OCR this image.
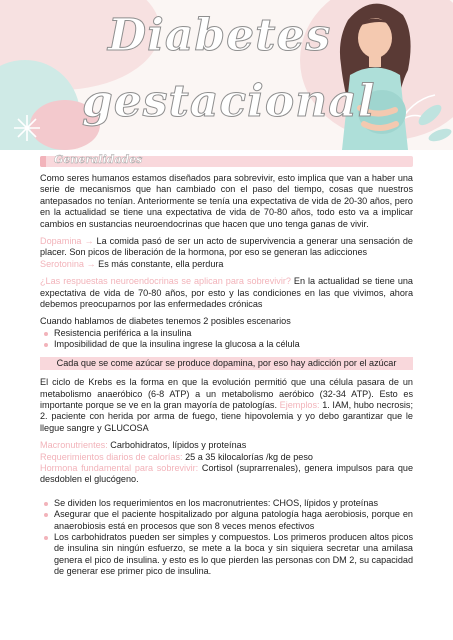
Diabetes
gestacional
Generalidades

Como seres humanos estamos diseñados para sobrevivir, esto implica que van a haber una serie de mecanismos que han cambiado con el paso del tiempo, cosas que nuestros antepasados no tenían. Anteriormente se tenía una expectativa de vida de 20-30 años, pero en la actualidad se tiene una expectativa de vida de 70-80 años, todo esto va a implicar cambios en sustancias neuroendocrinas que hacen que uno tenga ganas de vivir.

Dopamina → La comida pasó de ser un acto de supervivencia a generar una sensación de placer. Son picos de liberación de la hormona, por eso se generan las adicciones
Serotonina → Es más constante, ella perdura

¿Las respuestas neuroendocrinas se aplican para sobrevivir? En la actualidad se tiene una expectativa de vida de 70-80 años, por esto y las condiciones en las que vivimos, ahora debemos preocuparnos por las enfermedades crónicas

Cuando hablamos de diabetes tenemos 2 posibles escenarios
Resistencia periférica a la insulina
Imposibilidad de que la insulina ingrese la glucosa a la célula
Cada que se come azúcar se produce dopamina, por eso hay adicción por el azúcar

El ciclo de Krebs es la forma en que la evolución permitió que una célula pasara de un metabolismo anaeróbico (6-8 ATP) a un metabolismo aeróbico (32-34 ATP). Esto es importante porque se ve en la gran mayoría de patologías. Ejemplos: 1. IAM, hubo necrosis; 2. paciente con herida por arma de fuego, tiene hipovolemia y yo debo garantizar que le llegue sangre y GLUCOSA

Macronutrientes: Carbohidratos, lípidos y proteínas
Requerimientos diarios de calorías: 25 a 35 kilocalorías /kg de peso
Hormona fundamental para sobrevivir: Cortisol (suprarrenales), genera impulsos para que desdoblen el glucógeno.

Se dividen los requerimientos en los macronutrientes: CHOS, lípidos y proteínas
Asegurar que el paciente hospitalizado por alguna patología haga aerobiosis, porque en anaerobiosis está en procesos que son 8 veces menos efectivos
Los carbohidratos pueden ser simples y compuestos. Los primeros producen altos picos de insulina sin ningún esfuerzo, se mete a la boca y sin siquiera secretar una amilasa genera el pico de insulina. y esto es lo que pierden las personas con DM 2, su capacidad de generar ese primer pico de insulina.
